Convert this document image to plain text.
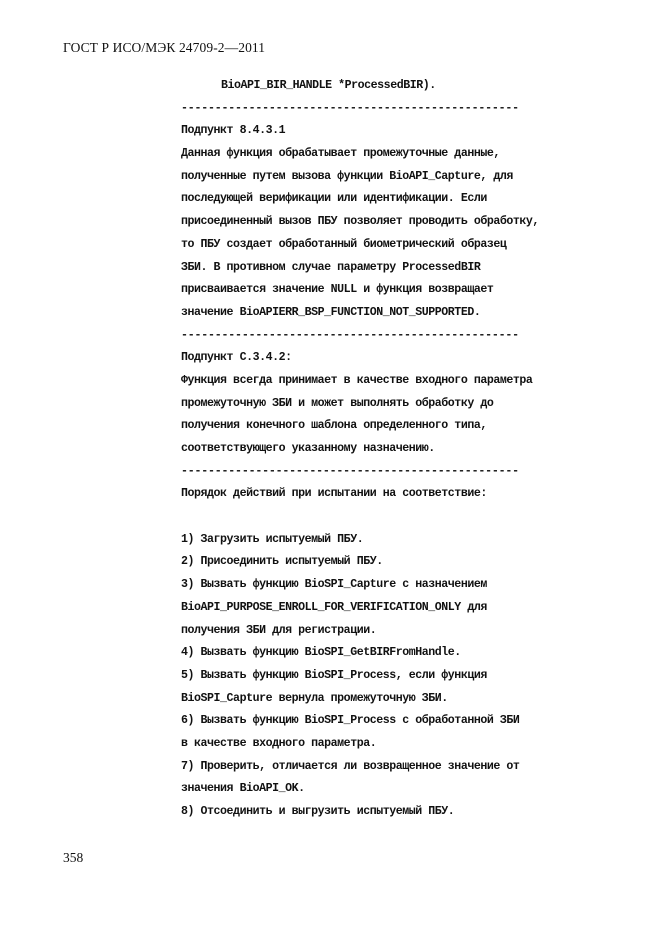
ГОСТ Р ИСО/МЭК 24709-2—2011
BioAPI_BIR_HANDLE *ProcessedBIR).
--------------------------------------------------
Подпункт 8.4.3.1
Данная функция обрабатывает промежуточные данные,
полученные путем вызова функции BioAPI_Capture, для
последующей верификации или идентификации. Если
присоединенный вызов ПБУ позволяет проводить обработку,
то ПБУ создает обработанный биометрический образец
ЗБИ. В противном случае параметру ProcessedBIR
присваивается значение NULL и функция возвращает
значение BioAPIERR_BSP_FUNCTION_NOT_SUPPORTED.
--------------------------------------------------
Подпункт C.3.4.2:
Функция всегда принимает в качестве входного параметра
промежуточную ЗБИ и может выполнять обработку до
получения конечного шаблона определенного типа,
соответствующего указанному назначению.
--------------------------------------------------
Порядок действий при испытании на соответствие:
1) Загрузить испытуемый ПБУ.
2) Присоединить испытуемый ПБУ.
3) Вызвать функцию BioSPI_Capture с назначением
BioAPI_PURPOSE_ENROLL_FOR_VERIFICATION_ONLY для
получения ЗБИ для регистрации.
4) Вызвать функцию BioSPI_GetBIRFromHandle.
5) Вызвать функцию BioSPI_Process, если функция
BioSPI_Capture вернула промежуточную ЗБИ.
6) Вызвать функцию BioSPI_Process с обработанной ЗБИ
в качестве входного параметра.
7) Проверить, отличается ли возвращенное значение от
значения BioAPI_OK.
8) Отсоединить и выгрузить испытуемый ПБУ.
358
